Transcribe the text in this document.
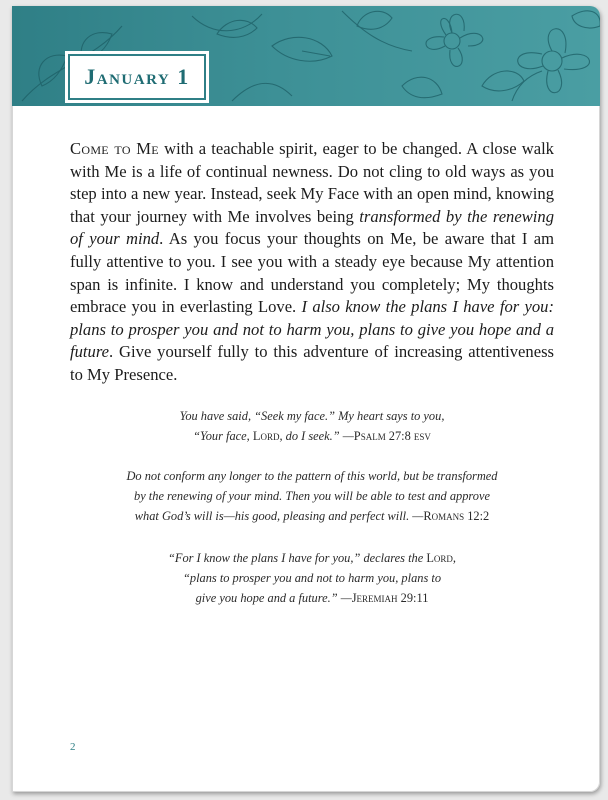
January 1

Come to Me with a teachable spirit, eager to be changed. A close walk with Me is a life of continual newness. Do not cling to old ways as you step into a new year. Instead, seek My Face with an open mind, knowing that your journey with Me involves being transformed by the renewing of your mind. As you focus your thoughts on Me, be aware that I am fully attentive to you. I see you with a steady eye because My attention span is infinite. I know and understand you completely; My thoughts embrace you in everlasting Love. I also know the plans I have for you: plans to prosper you and not to harm you, plans to give you hope and a future. Give yourself fully to this adventure of increasing attentiveness to My Presence.

You have said, “Seek my face.” My heart says to you,
“Your face, Lord, do I seek.” —Psalm 27:8 esv

Do not conform any longer to the pattern of this world, but be transformed
by the renewing of your mind. Then you will be able to test and approve
what God’s will is—his good, pleasing and perfect will. —Romans 12:2

“For I know the plans I have for you,” declares the Lord,
“plans to prosper you and not to harm you, plans to
give you hope and a future.” —Jeremiah 29:11

2
